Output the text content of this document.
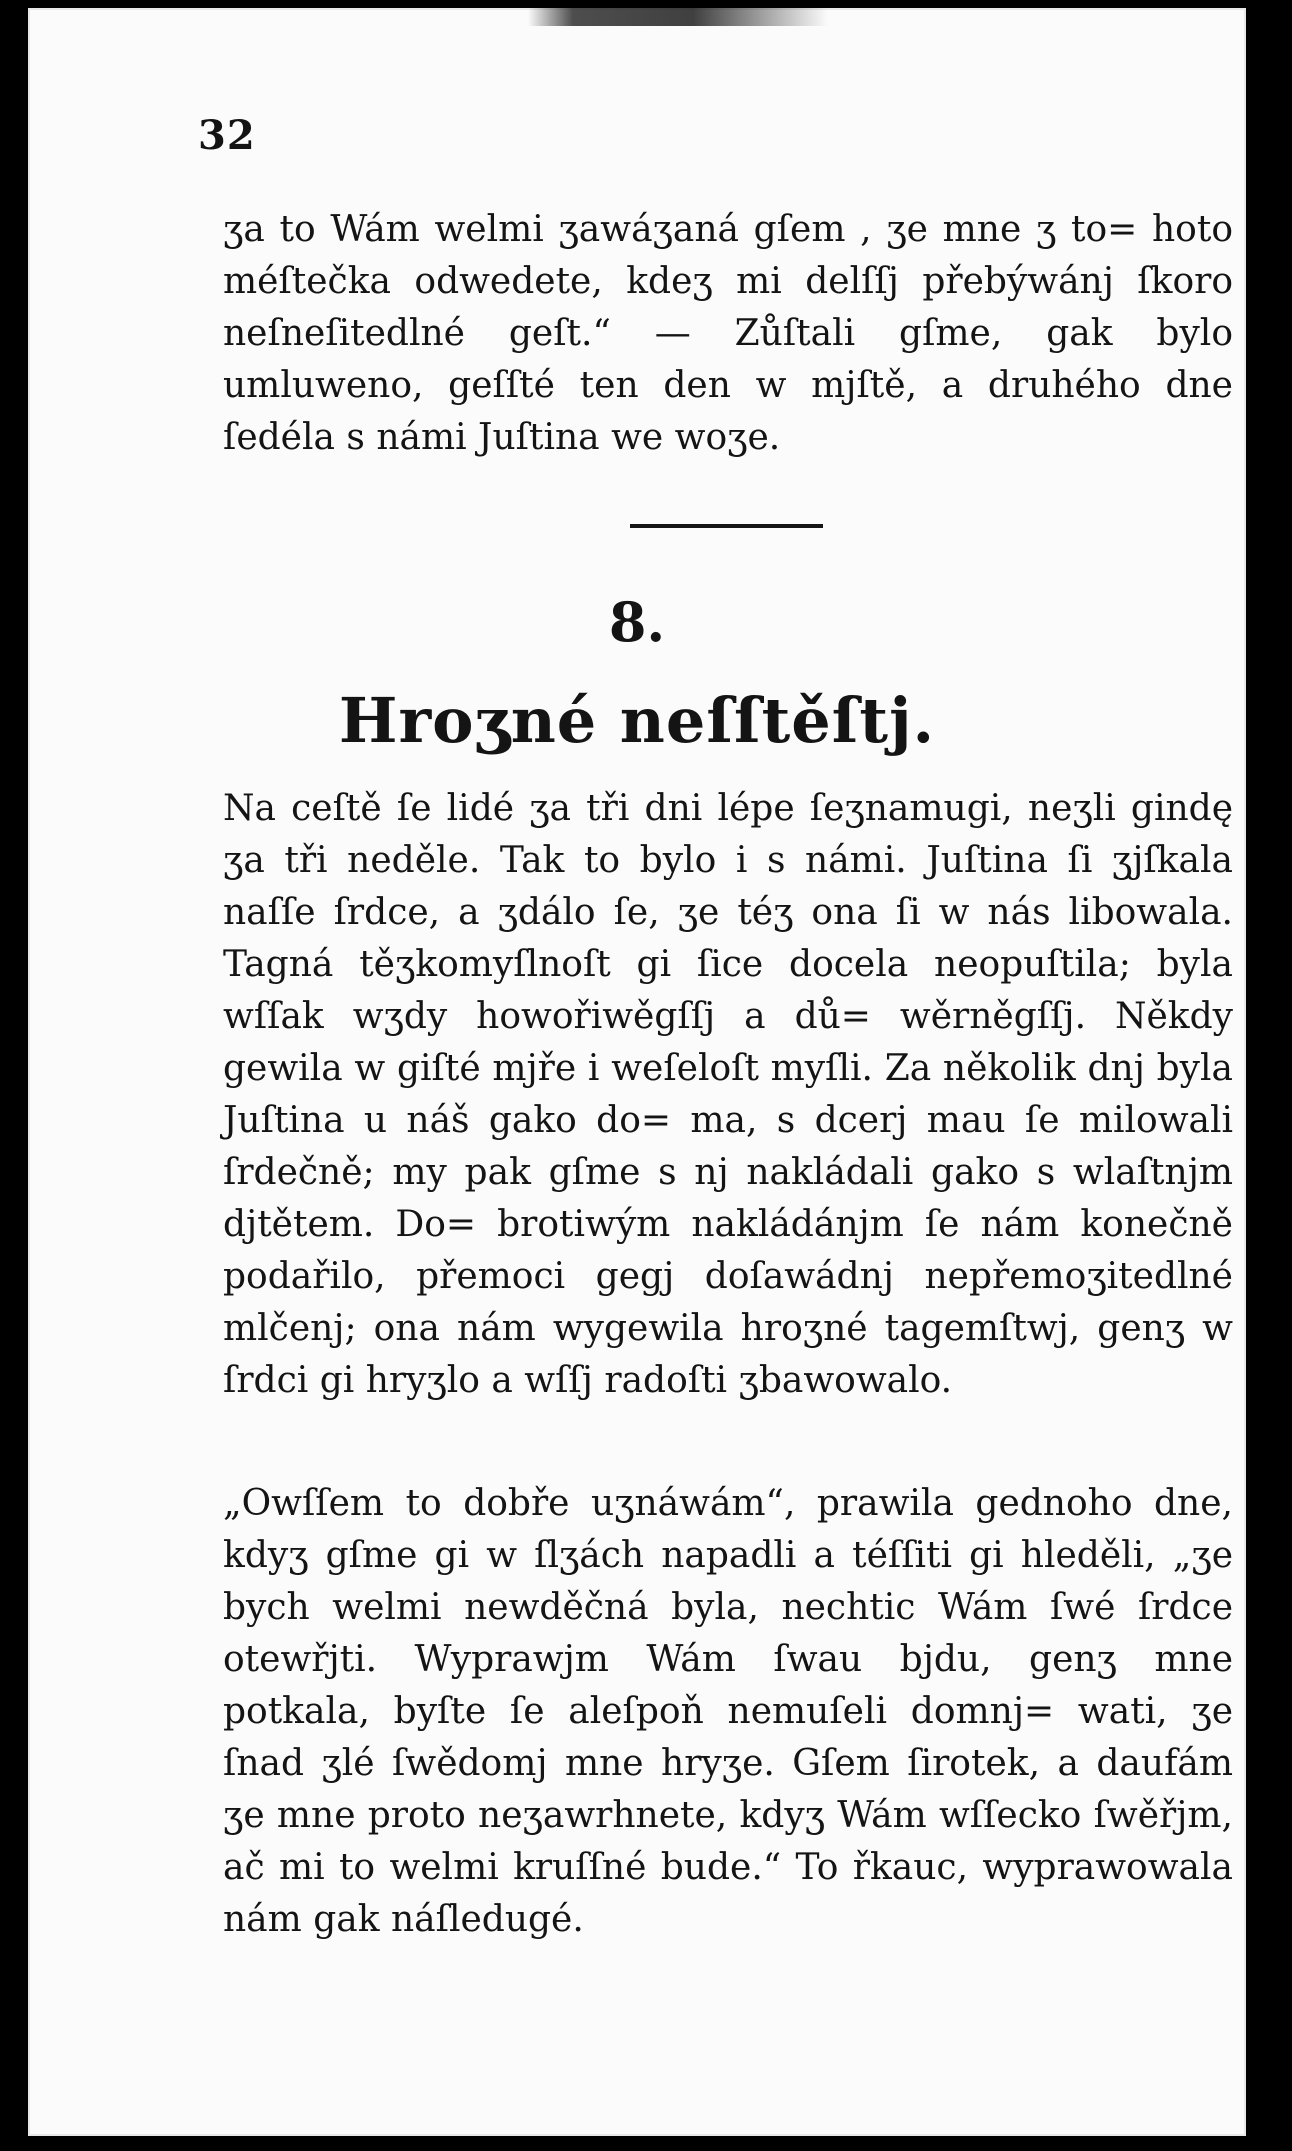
32

ʒa to Wám welmi ʒawáʒaná gſem , ʒe mne ʒ to= hoto méſtečka odwedete, kdeʒ mi delſſj přebýwánj ſkoro neſneſitedlné geſt.“ — Zůſtali gſme, gak bylo umluweno, geſſté ten den w mjſtě, a druhého dne ſedéla s námi Juſtina we woʒe.

8.
Hroʒné neſſtěſtj.

Na ceſtě ſe lidé ʒa tři dni lépe ſeʒnamugi, neʒli gindę ʒa tři neděle. Tak to bylo i s námi. Juſtina ſi ʒjſkala naſſe ſrdce, a ʒdálo ſe, ʒe téʒ ona ſi w nás libowala. Tagná těʒkomyſlnoſt gi ſice docela neopuſtila; byla wſſak wʒdy howořiwěgſſj a dů= wěrněgſſj. Někdy gewila w giſté mjře i weſeloſt myſli. Za několik dnj byla Juſtina u náš gako do= ma, s dcerj mau ſe milowali ſrdečně; my pak gſme s nj nakládali gako s wlaſtnjm djtětem. Do= brotiwým nakládánjm ſe nám konečně podařilo, přemoci gegj doſawádnj nepřemoʒitedlné mlčenj; ona nám wygewila hroʒné tagemſtwj, genʒ w ſrdci gi hryʒlo a wſſj radoſti ʒbawowalo.

„Owſſem to dobře uʒnáwám“, prawila gednoho dne, kdyʒ gſme gi w ſlʒách napadli a téſſiti gi hleděli, „ʒe bych welmi newděčná byla, nechtic Wám ſwé ſrdce otewřjti. Wyprawjm Wám ſwau bjdu, genʒ mne potkala, byſte ſe aleſpoň nemuſeli domnj= wati, ʒe ſnad ʒlé ſwědomj mne hryʒe. Gſem ſirotek, a daufám ʒe mne proto neʒawrhnete, kdyʒ Wám wſſecko ſwěřjm, ač mi to welmi kruſſné bude.“ To řkauc, wyprawowala nám gak náſledugé.
